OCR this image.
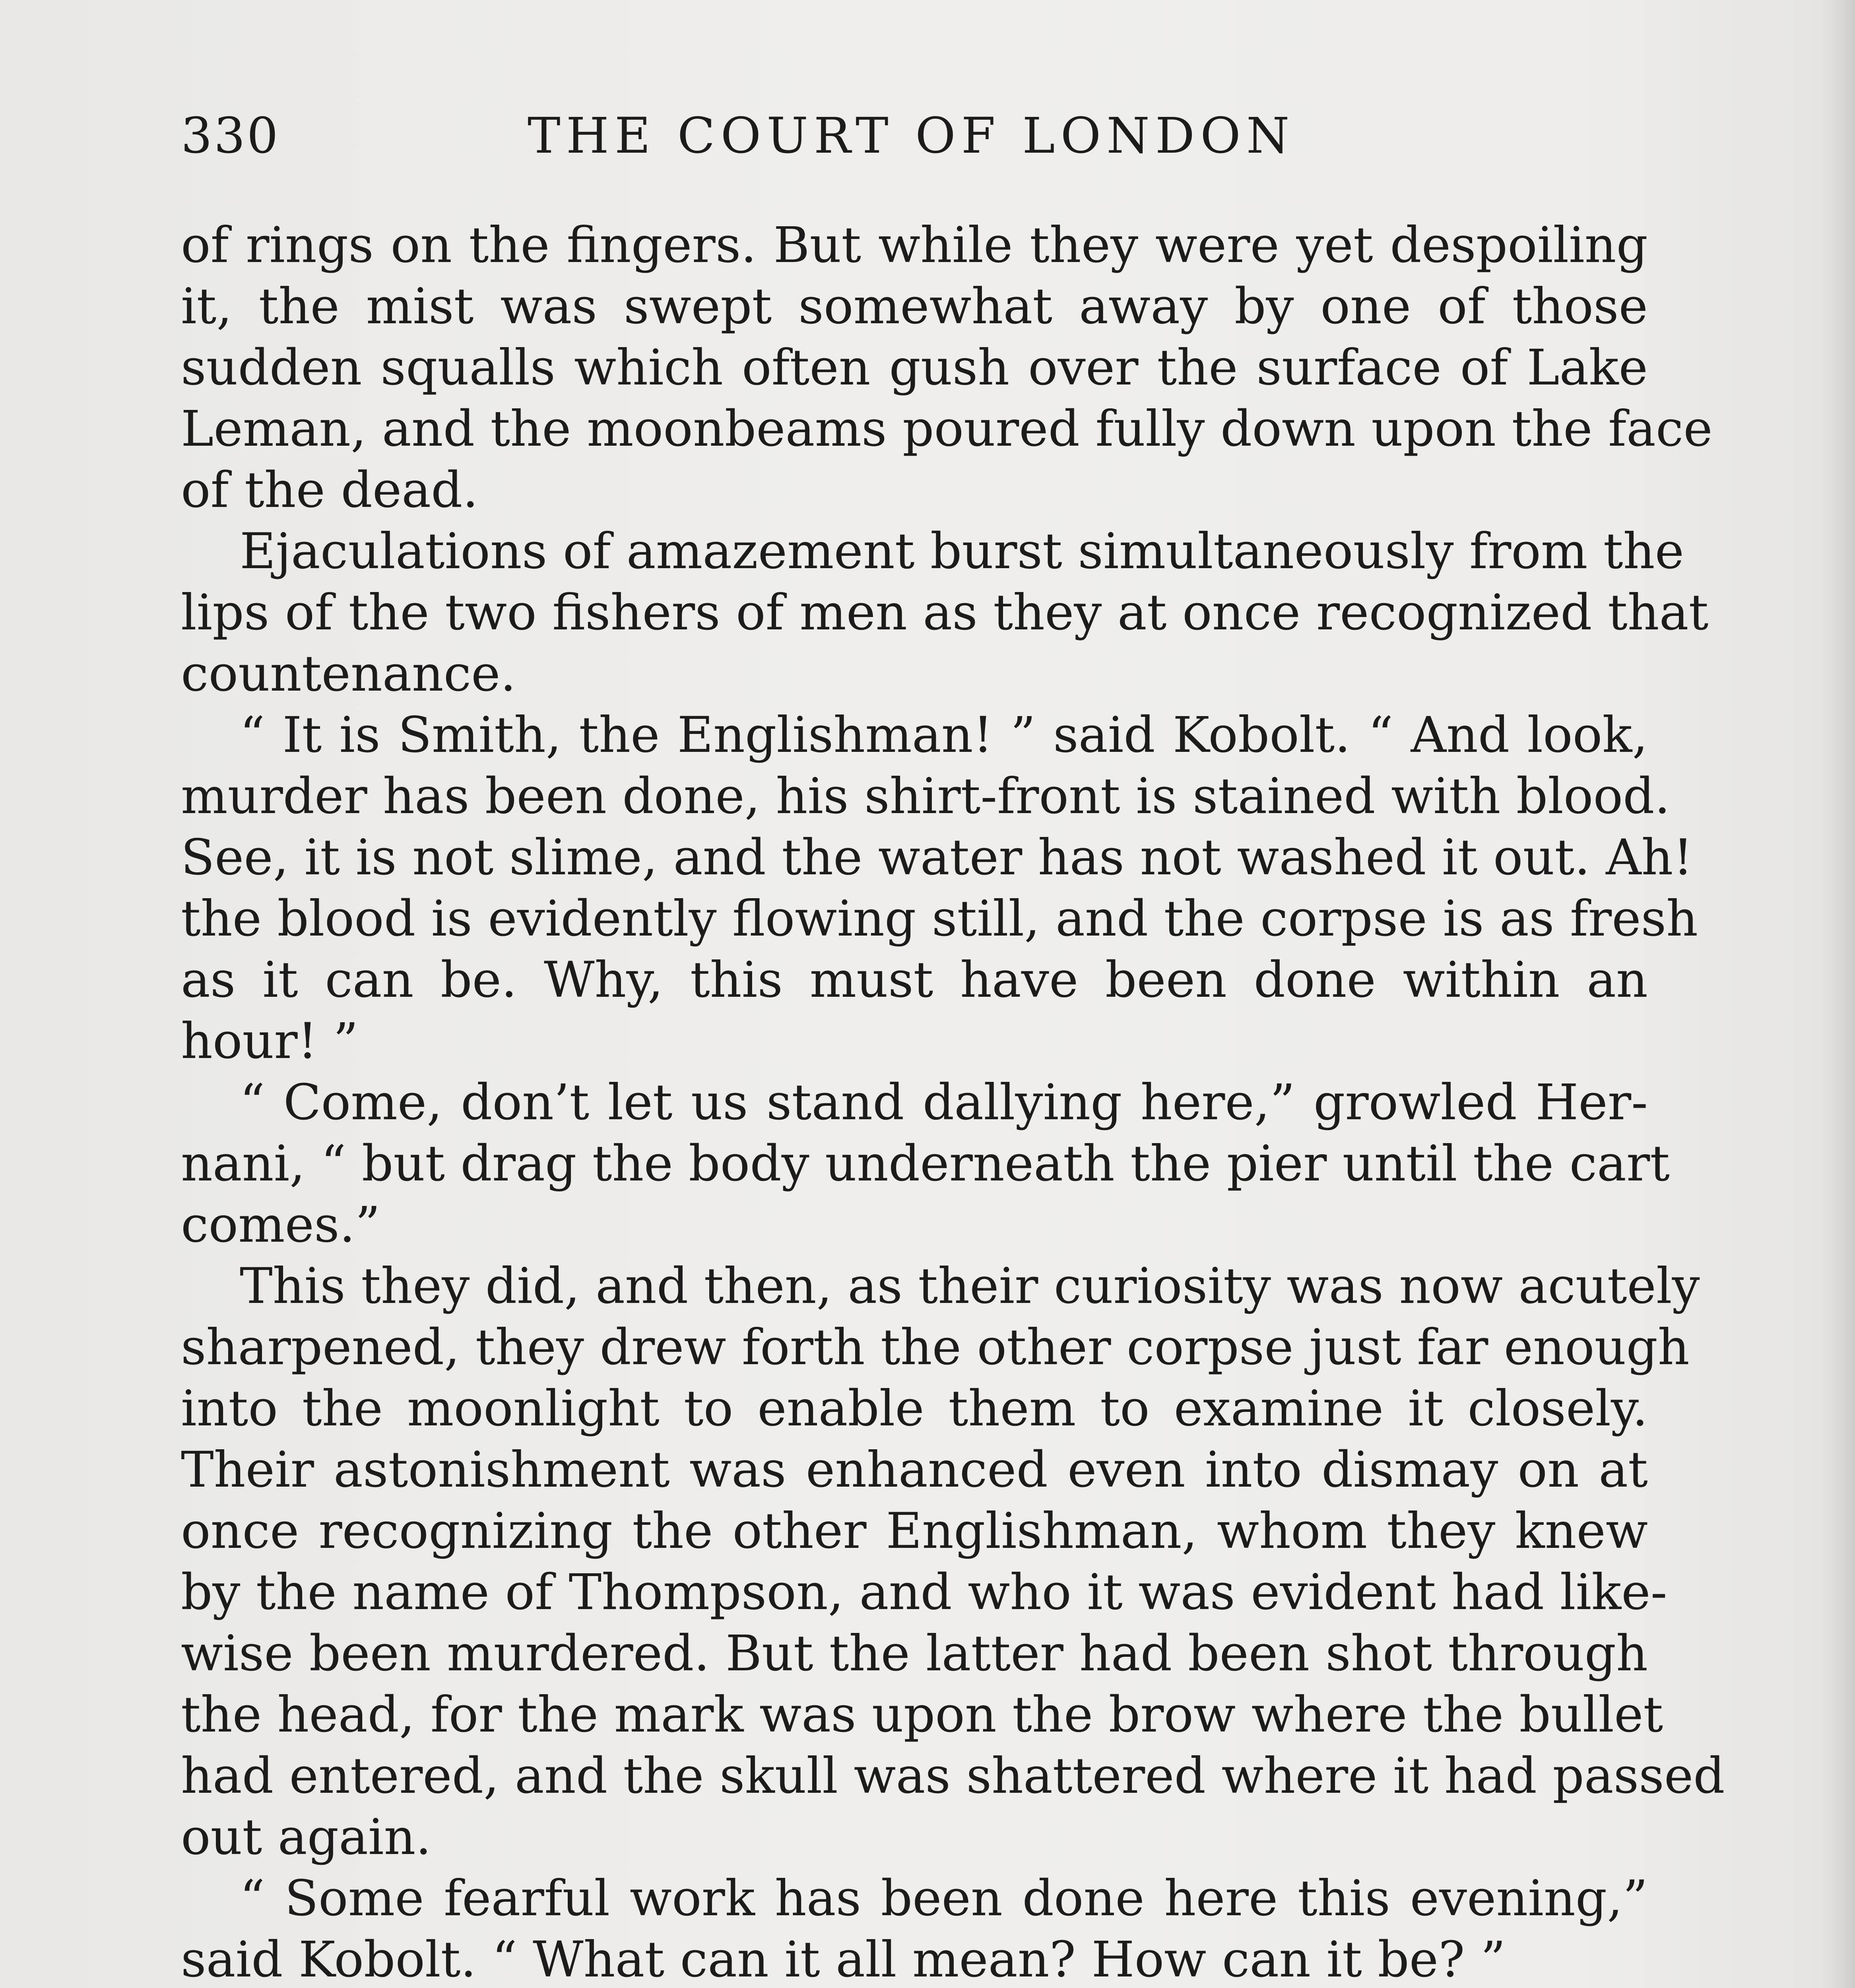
330	THE COURT OF LONDON
of rings on the fingers. But while they were yet despoiling
it, the mist was swept somewhat away by one of those
sudden squalls which often gush over the surface of Lake
Leman, and the moonbeams poured fully down upon the face
of the dead.
Ejaculations of amazement burst simultaneously from the
lips of the two fishers of men as they at once recognized that
countenance.
“ It is Smith, the Englishman! ” said Kobolt. “ And look,
murder has been done, his shirt-front is stained with blood.
See, it is not slime, and the water has not washed it out. Ah!
the blood is evidently flowing still, and the corpse is as fresh
as it can be. Why, this must have been done within an
hour! ”
“ Come, don’t let us stand dallying here,” growled Her-
nani, “ but drag the body underneath the pier until the cart
comes.”
This they did, and then, as their curiosity was now acutely
sharpened, they drew forth the other corpse just far enough
into the moonlight to enable them to examine it closely.
Their astonishment was enhanced even into dismay on at
once recognizing the other Englishman, whom they knew
by the name of Thompson, and who it was evident had like-
wise been murdered. But the latter had been shot through
the head, for the mark was upon the brow where the bullet
had entered, and the skull was shattered where it had passed
out again.
“ Some fearful work has been done here this evening,”
said Kobolt. “ What can it all mean? How can it be? ”
